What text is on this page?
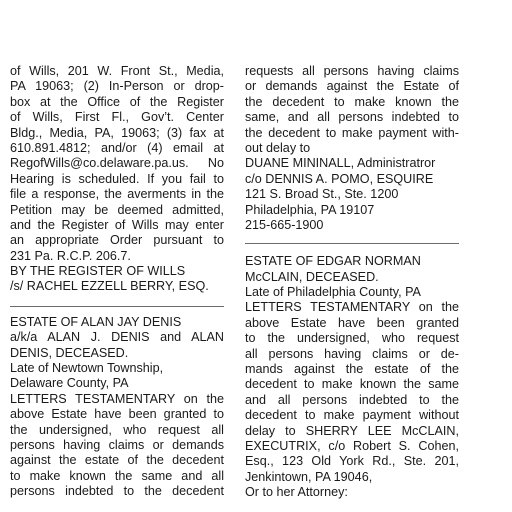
of Wills, 201 W. Front St., Media,
PA 19063; (2) In-Person or drop-
box at the Office of the Register
of Wills, First Fl., Gov’t. Center
Bldg., Media, PA, 19063; (3) fax at
610.891.4812; and/or (4) email at
RegofWills@co.delaware.pa.us. No
Hearing is scheduled. If you fail to
file a response, the averments in the
Petition may be deemed admitted,
and the Register of Wills may enter
an appropriate Order pursuant to
231 Pa. R.C.P. 206.7.
BY THE REGISTER OF WILLS
/s/ RACHEL EZZELL BERRY, ESQ.
ESTATE OF ALAN JAY DENIS
a/k/a ALAN J. DENIS and ALAN
DENIS, DECEASED.
Late of Newtown Township,
Delaware County, PA
LETTERS TESTAMENTARY on the
above Estate have been granted to
the undersigned, who request all
persons having claims or demands
against the estate of the decedent
to make known the same and all
persons indebted to the decedent
requests all persons having claims
or demands against the Estate of
the decedent to make known the
same, and all persons indebted to
the decedent to make payment with-
out delay to
DUANE MININALL, Administratror
c/o DENNIS A. POMO, ESQUIRE
121 S. Broad St., Ste. 1200
Philadelphia, PA 19107
215-665-1900
ESTATE OF EDGAR NORMAN
McCLAIN, DECEASED.
Late of Philadelphia County, PA
LETTERS TESTAMENTARY on the
above Estate have been granted
to the undersigned, who request
all persons having claims or de-
mands against the estate of the
decedent to make known the same
and all persons indebted to the
decedent to make payment without
delay to SHERRY LEE McCLAIN,
EXECUTRIX, c/o Robert S. Cohen,
Esq., 123 Old York Rd., Ste. 201,
Jenkintown, PA 19046,
Or to her Attorney:
